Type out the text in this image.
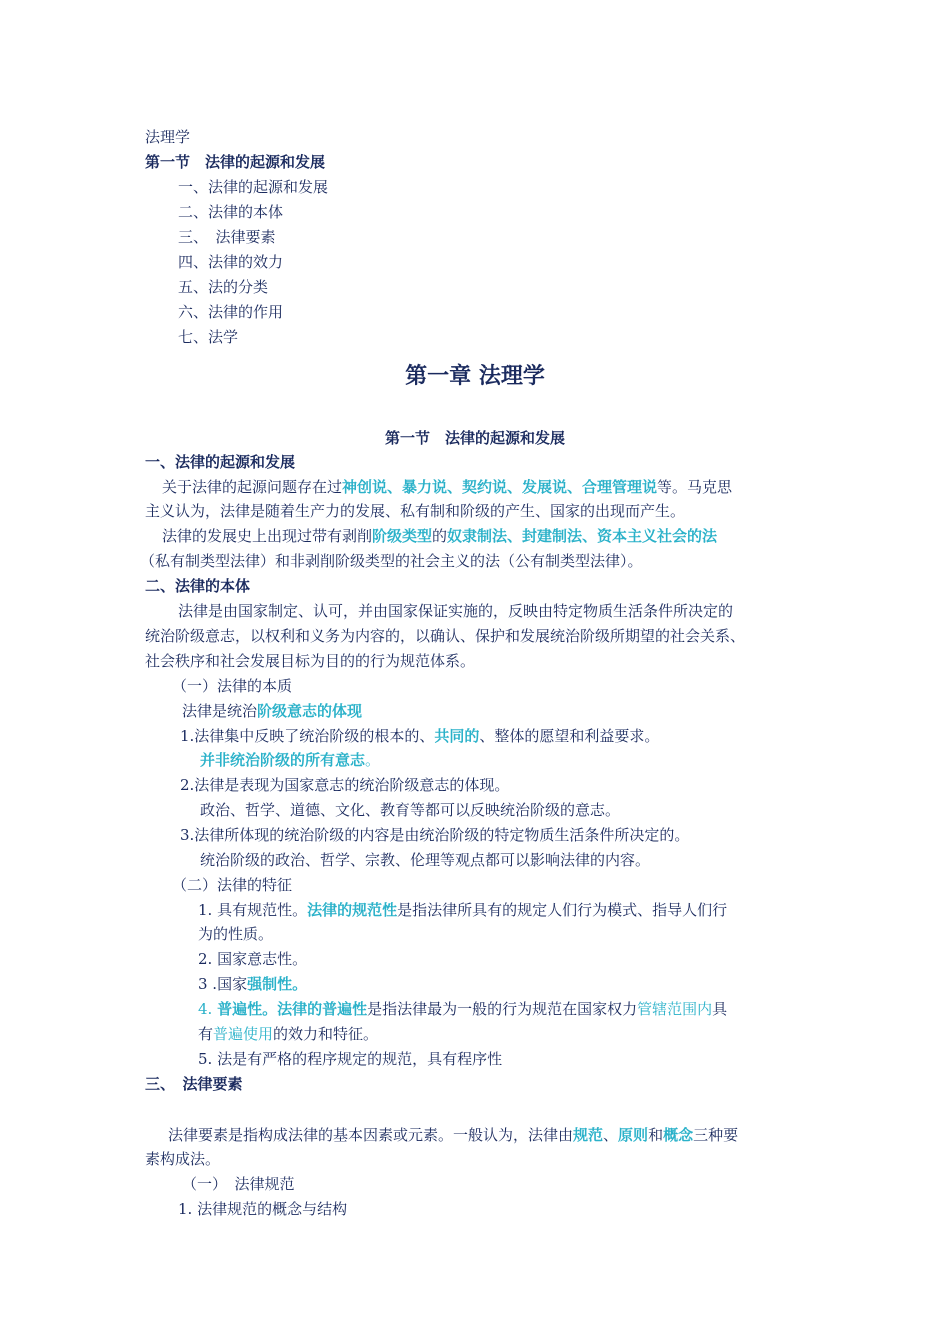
法理学
第一节　法律的起源和发展
一、法律的起源和发展
二、法律的本体
三、　法律要素
四、法律的效力
五、法的分类
六、法律的作用
七、法学
第一章 法理学
第一节　法律的起源和发展
一、法律的起源和发展
关于法律的起源问题存在过神创说、暴力说、契约说、发展说、合理管理说等。马克思
主义认为，法律是随着生产力的发展、私有制和阶级的产生、国家的出现而产生。
法律的发展史上出现过带有剥削阶级类型的奴隶制法、封建制法、资本主义社会的法
（私有制类型法律）和非剥削阶级类型的社会主义的法（公有制类型法律）。
二、法律的本体
法律是由国家制定、认可，并由国家保证实施的，反映由特定物质生活条件所决定的
统治阶级意志，以权利和义务为内容的，以确认、保护和发展统治阶级所期望的社会关系、
社会秩序和社会发展目标为目的的行为规范体系。
（一）法律的本质
法律是统治阶级意志的体现
1.法律集中反映了统治阶级的根本的、共同的、整体的愿望和利益要求。
并非统治阶级的所有意志。
2.法律是表现为国家意志的统治阶级意志的体现。
政治、哲学、道德、文化、教育等都可以反映统治阶级的意志。
3.法律所体现的统治阶级的内容是由统治阶级的特定物质生活条件所决定的。
统治阶级的政治、哲学、宗教、伦理等观点都可以影响法律的内容。
（二）法律的特征
1. 具有规范性。法律的规范性是指法律所具有的规定人们行为模式、指导人们行
为的性质。
2. 国家意志性。
3 .国家强制性。
4. 普遍性。法律的普遍性是指法律最为一般的行为规范在国家权力管辖范围内具
有普遍使用的效力和特征。
5. 法是有严格的程序规定的规范，具有程序性
三、　法律要素
法律要素是指构成法律的基本因素或元素。一般认为，法律由规范、原则和概念三种要
素构成法。
（一）　法律规范
1. 法律规范的概念与结构
